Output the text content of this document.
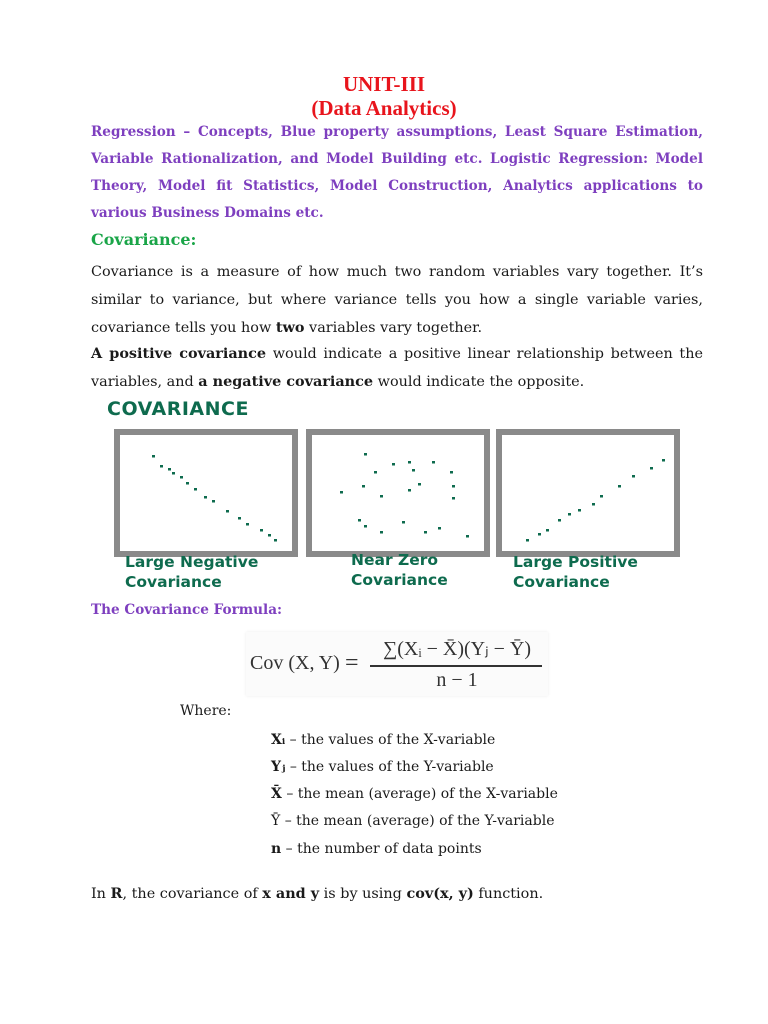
UNIT-III
(Data Analytics)
Regression – Concepts, Blue property assumptions, Least Square Estimation, Variable Rationalization, and Model Building etc. Logistic Regression: Model Theory, Model fit Statistics, Model Construction, Analytics applications to various Business Domains etc.
Covariance:
Covariance is a measure of how much two random variables vary together. It’s similar to variance, but where variance tells you how a single variable varies, covariance tells you how two variables vary together.
A positive covariance would indicate a positive linear relationship between the variables, and a negative covariance would indicate the opposite.
COVARIANCE
Large Negative
Covariance
Near Zero
Covariance
Large Positive
Covariance
The Covariance Formula:
Cov (X, Y) =
∑(Xᵢ − X̄)(Yⱼ − Ȳ)
n − 1
Where:
Xᵢ – the values of the X-variable
Yⱼ – the values of the Y-variable
X̄ – the mean (average) of the X-variable
Ȳ – the mean (average) of the Y-variable
n – the number of data points
In R, the covariance of x and y is by using cov(x, y) function.
